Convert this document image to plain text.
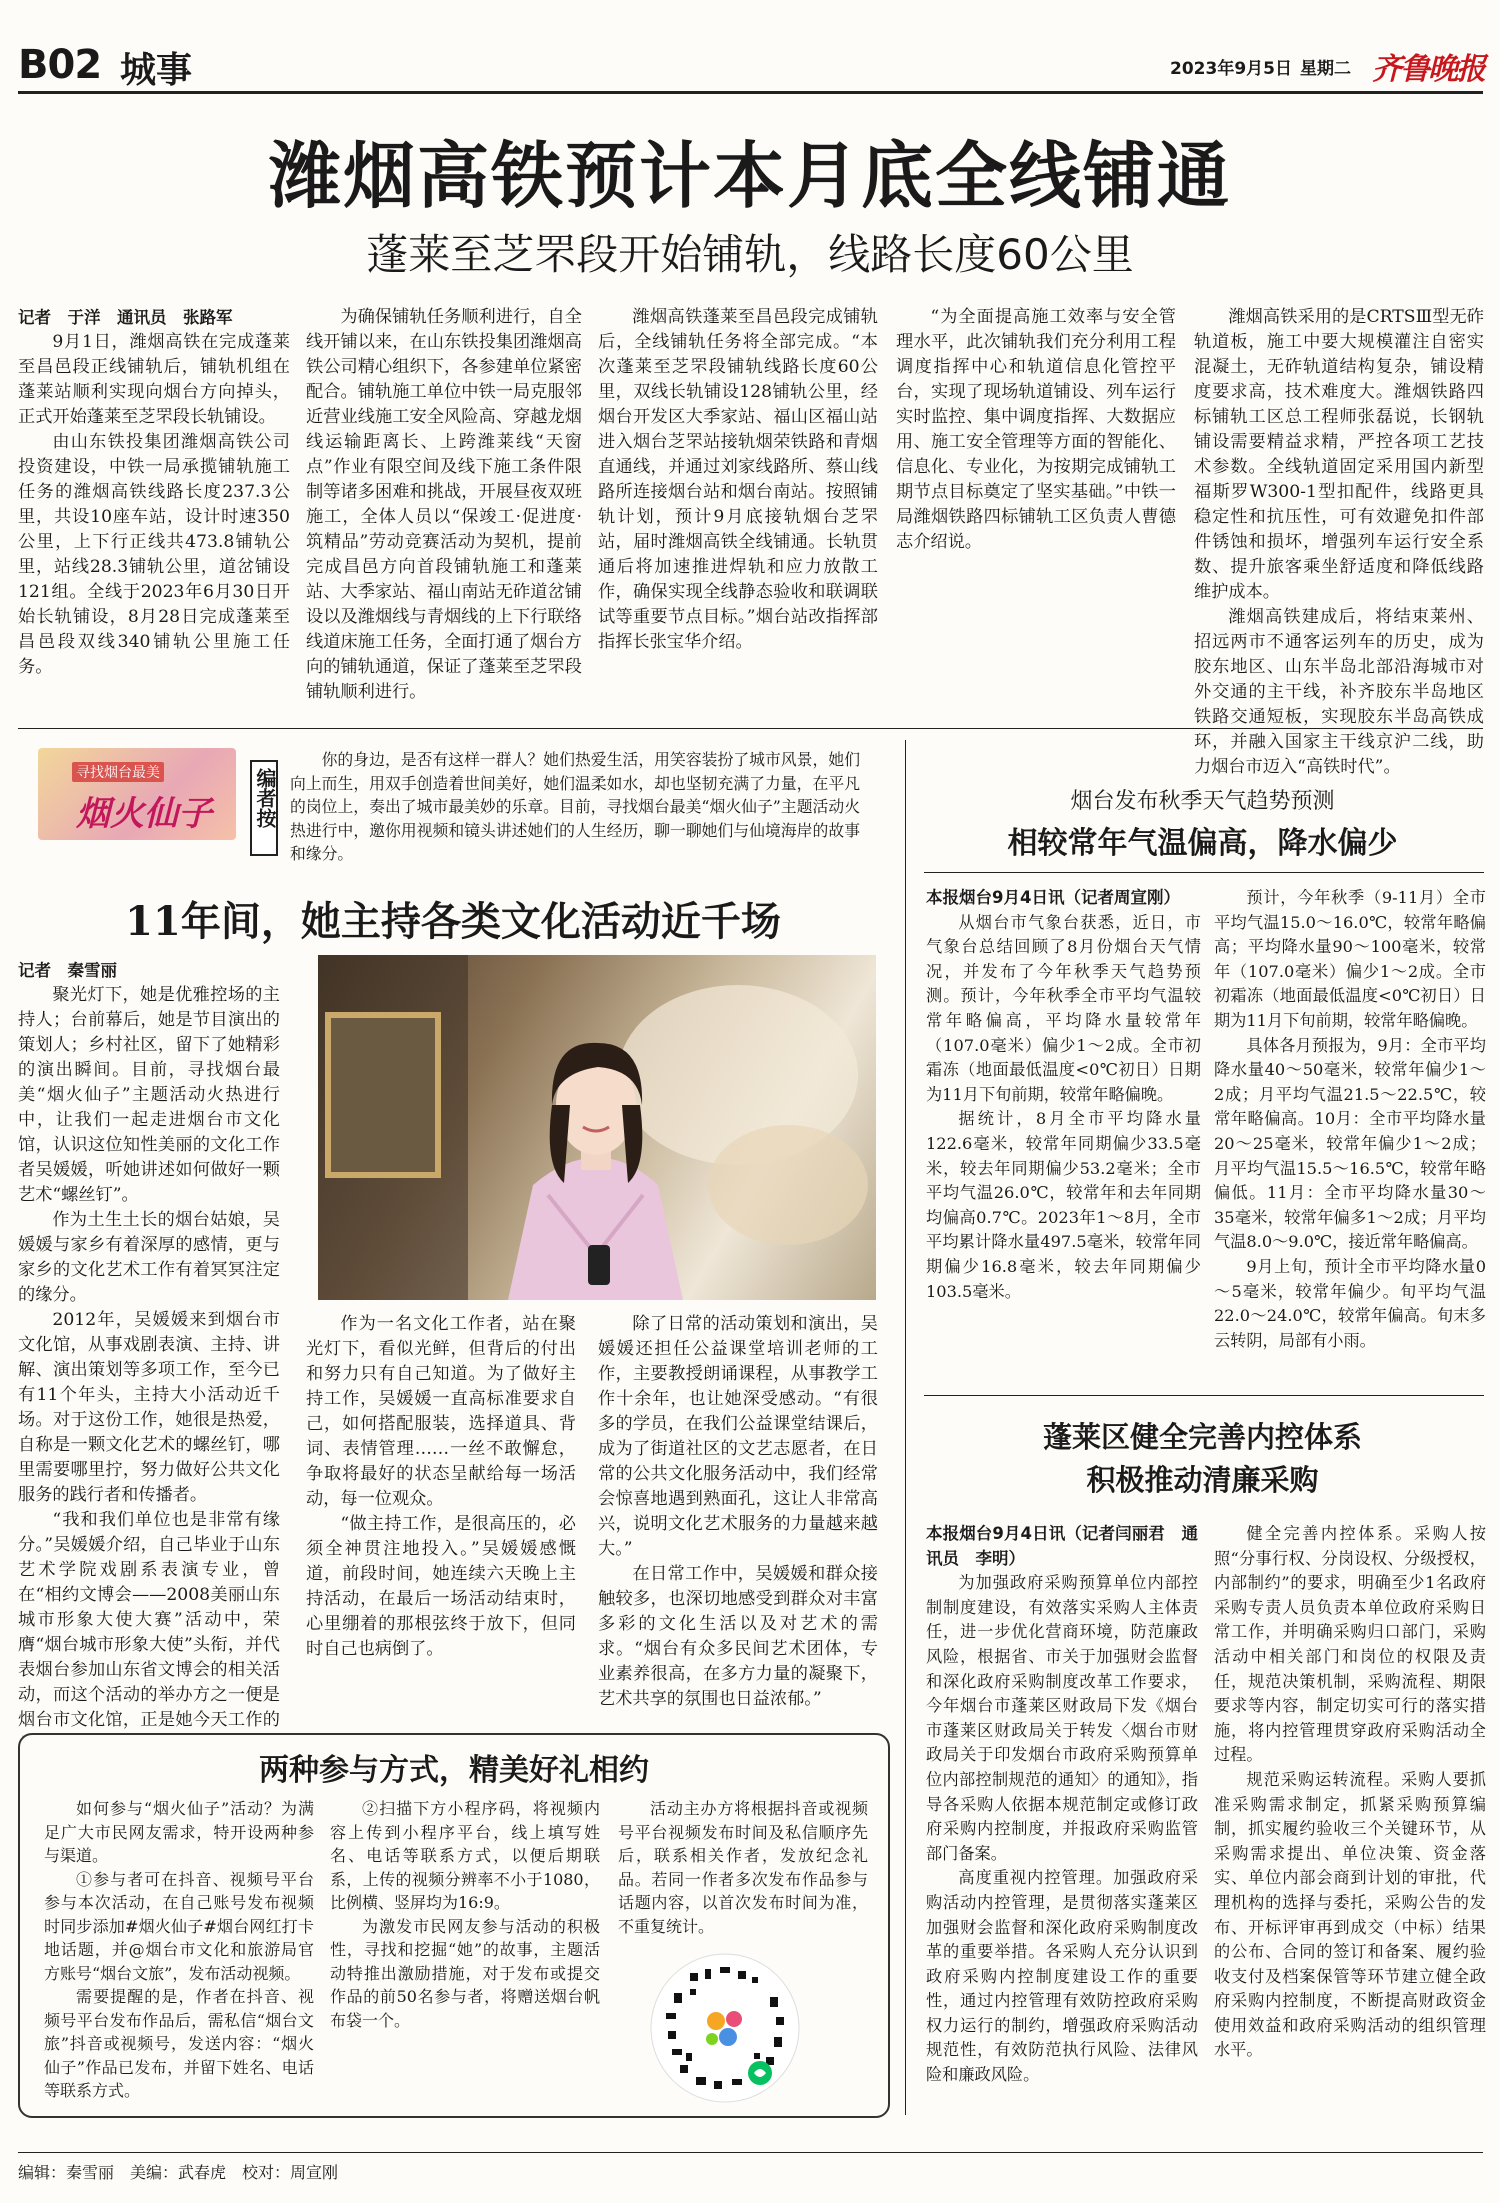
B02 城事	2023年9月5日 星期二 齐鲁晚报
潍烟高铁预计本月底全线铺通
蓬莱至芝罘段开始铺轨，线路长度60公里

记者　于洋　通讯员　张路军

9月1日，潍烟高铁在完成蓬莱至昌邑段正线铺轨后，铺轨机组在蓬莱站顺利实现向烟台方向掉头，正式开始蓬莱至芝罘段长轨铺设。

由山东铁投集团潍烟高铁公司投资建设，中铁一局承揽铺轨施工任务的潍烟高铁线路长度237.3公里，共设10座车站，设计时速350公里，上下行正线共473.8铺轨公里，站线28.3铺轨公里，道岔铺设121组。全线于2023年6月30日开始长轨铺设，8月28日完成蓬莱至昌邑段双线340铺轨公里施工任务。

为确保铺轨任务顺利进行，自全线开铺以来，在山东铁投集团潍烟高铁公司精心组织下，各参建单位紧密配合。铺轨施工单位中铁一局克服邻近营业线施工安全风险高、穿越龙烟线运输距离长、上跨潍莱线“天窗点”作业有限空间及线下施工条件限制等诸多困难和挑战，开展昼夜双班施工，全体人员以“保竣工·促进度·筑精品”劳动竞赛活动为契机，提前完成昌邑方向首段铺轨施工和蓬莱站、大季家站、福山南站无砟道岔铺设以及潍烟线与青烟线的上下行联络线道床施工任务，全面打通了烟台方向的铺轨通道，保证了蓬莱至芝罘段铺轨顺利进行。

潍烟高铁蓬莱至昌邑段完成铺轨后，全线铺轨任务将全部完成。“本次蓬莱至芝罘段铺轨线路长度60公里，双线长轨铺设128铺轨公里，经烟台开发区大季家站、福山区福山站进入烟台芝罘站接轨烟荣铁路和青烟直通线，并通过刘家线路所、蔡山线路所连接烟台站和烟台南站。按照铺轨计划，预计9月底接轨烟台芝罘站，届时潍烟高铁全线铺通。长轨贯通后将加速推进焊轨和应力放散工作，确保实现全线静态验收和联调联试等重要节点目标。”烟台站改指挥部指挥长张宝华介绍。

“为全面提高施工效率与安全管理水平，此次铺轨我们充分利用工程调度指挥中心和轨道信息化管控平台，实现了现场轨道铺设、列车运行实时监控、集中调度指挥、大数据应用、施工安全管理等方面的智能化、信息化、专业化，为按期完成铺轨工期节点目标奠定了坚实基础。”中铁一局潍烟铁路四标铺轨工区负责人曹德志介绍说。

潍烟高铁采用的是CRTSⅢ型无砟轨道板，施工中要大规模灌注自密实混凝土，无砟轨道结构复杂，铺设精度要求高，技术难度大。潍烟铁路四标铺轨工区总工程师张磊说，长钢轨铺设需要精益求精，严控各项工艺技术参数。全线轨道固定采用国内新型福斯罗W300-1型扣配件，线路更具稳定性和抗压性，可有效避免扣件部件锈蚀和损坏，增强列车运行安全系数、提升旅客乘坐舒适度和降低线路维护成本。

潍烟高铁建成后，将结束莱州、招远两市不通客运列车的历史，成为胶东地区、山东半岛北部沿海城市对外交通的主干线，补齐胶东半岛地区铁路交通短板，实现胶东半岛高铁成环，并融入国家主干线京沪二线，助力烟台市迈入“高铁时代”。

寻找烟台最美
烟火仙子 编者按

你的身边，是否有这样一群人？她们热爱生活，用笑容装扮了城市风景，她们向上而生，用双手创造着世间美好，她们温柔如水，却也坚韧充满了力量，在平凡的岗位上，奏出了城市最美妙的乐章。目前，寻找烟台最美“烟火仙子”主题活动火热进行中，邀你用视频和镜头讲述她们的人生经历，聊一聊她们与仙境海岸的故事和缘分。

11年间，她主持各类文化活动近千场

记者　秦雪丽

聚光灯下，她是优雅控场的主持人；台前幕后，她是节目演出的策划人；乡村社区，留下了她精彩的演出瞬间。目前，寻找烟台最美“烟火仙子”主题活动火热进行中，让我们一起走进烟台市文化馆，认识这位知性美丽的文化工作者吴媛媛，听她讲述如何做好一颗艺术“螺丝钉”。

作为土生土长的烟台姑娘，吴媛媛与家乡有着深厚的感情，更与家乡的文化艺术工作有着冥冥注定的缘分。

2012年，吴媛媛来到烟台市文化馆，从事戏剧表演、主持、讲解、演出策划等多项工作，至今已有11个年头，主持大小活动近千场。对于这份工作，她很是热爱，自称是一颗文化艺术的螺丝钉，哪里需要哪里拧，努力做好公共文化服务的践行者和传播者。

“我和我们单位也是非常有缘分。”吴媛媛介绍，自己毕业于山东艺术学院戏剧系表演专业，曾在“相约文博会——2008美丽山东城市形象大使大赛”活动中，荣膺“烟台城市形象大使”头衔，并代表烟台参加山东省文博会的相关活动，而这个活动的举办方之一便是烟台市文化馆，正是她今天工作的

作为一名文化工作者，站在聚光灯下，看似光鲜，但背后的付出和努力只有自己知道。为了做好主持工作，吴媛媛一直高标准要求自己，如何搭配服装，选择道具、背词、表情管理……一丝不敢懈怠，争取将最好的状态呈献给每一场活动，每一位观众。

“做主持工作，是很高压的，必须全神贯注地投入。”吴媛媛感慨道，前段时间，她连续六天晚上主持活动，在最后一场活动结束时，心里绷着的那根弦终于放下，但同时自己也病倒了。

除了日常的活动策划和演出，吴媛媛还担任公益课堂培训老师的工作，主要教授朗诵课程，从事教学工作十余年，也让她深受感动。“有很多的学员，在我们公益课堂结课后，成为了街道社区的文艺志愿者，在日常的公共文化服务活动中，我们经常会惊喜地遇到熟面孔，这让人非常高兴，说明文化艺术服务的力量越来越大。”

在日常工作中，吴媛媛和群众接触较多，也深切地感受到群众对丰富多彩的文化生活以及对艺术的需求。“烟台有众多民间艺术团体，专业素养很高，在多方力量的凝聚下，艺术共享的氛围也日益浓郁。”

烟台发布秋季天气趋势预测
相较常年气温偏高，降水偏少

本报烟台9月4日讯（记者周宣刚）

从烟台市气象台获悉，近日，市气象台总结回顾了8月份烟台天气情况，并发布了今年秋季天气趋势预测。预计，今年秋季全市平均气温较常年略偏高，平均降水量较常年（107.0毫米）偏少1～2成。全市初霜冻（地面最低温度<0℃初日）日期为11月下旬前期，较常年略偏晚。

据统计，8月全市平均降水量122.6毫米，较常年同期偏少33.5毫米，较去年同期偏少53.2毫米；全市平均气温26.0℃，较常年和去年同期均偏高0.7℃。2023年1～8月，全市平均累计降水量497.5毫米，较常年同期偏少16.8毫米，较去年同期偏少103.5毫米。

预计，今年秋季（9-11月）全市平均气温15.0～16.0℃，较常年略偏高；平均降水量90～100毫米，较常年（107.0毫米）偏少1～2成。全市初霜冻（地面最低温度<0℃初日）日期为11月下旬前期，较常年略偏晚。

具体各月预报为，9月：全市平均降水量40～50毫米，较常年偏少1～2成；月平均气温21.5～22.5℃，较常年略偏高。10月：全市平均降水量20～25毫米，较常年偏少1～2成；月平均气温15.5～16.5℃，较常年略偏低。11月：全市平均降水量30～35毫米，较常年偏多1～2成；月平均气温8.0～9.0℃，接近常年略偏高。

9月上旬，预计全市平均降水量0～5毫米，较常年偏少。旬平均气温22.0～24.0℃，较常年偏高。旬末多云转阴，局部有小雨。

蓬莱区健全完善内控体系
积极推动清廉采购

本报烟台9月4日讯（记者闫丽君　通讯员　李明）

为加强政府采购预算单位内部控制制度建设，有效落实采购人主体责任，进一步优化营商环境，防范廉政风险，根据省、市关于加强财会监督和深化政府采购制度改革工作要求，今年烟台市蓬莱区财政局下发《烟台市蓬莱区财政局关于转发〈烟台市财政局关于印发烟台市政府采购预算单位内部控制规范的通知〉的通知》，指导各采购人依据本规范制定或修订政府采购内控制度，并报政府采购监管部门备案。

高度重视内控管理。加强政府采购活动内控管理，是贯彻落实蓬莱区加强财会监督和深化政府采购制度改革的重要举措。各采购人充分认识到政府采购内控制度建设工作的重要性，通过内控管理有效防控政府采购权力运行的制约，增强政府采购活动规范性，有效防范执行风险、法律风险和廉政风险。

健全完善内控体系。采购人按照“分事行权、分岗设权、分级授权，内部制约”的要求，明确至少1名政府采购专责人员负责本单位政府采购日常工作，并明确采购归口部门，采购活动中相关部门和岗位的权限及责任，规范决策机制，采购流程、期限要求等内容，制定切实可行的落实措施，将内控管理贯穿政府采购活动全过程。

规范采购运转流程。采购人要抓准采购需求制定，抓紧采购预算编制，抓实履约验收三个关键环节，从采购需求提出、单位决策、资金落实、单位内部会商到计划的审批，代理机构的选择与委托，采购公告的发布、开标评审再到成交（中标）结果的公布、合同的签订和备案、履约验收支付及档案保管等环节建立健全政府采购内控制度，不断提高财政资金使用效益和政府采购活动的组织管理水平。

两种参与方式，精美好礼相约

如何参与“烟火仙子”活动？为满足广大市民网友需求，特开设两种参与渠道。

①参与者可在抖音、视频号平台参与本次活动，在自己账号发布视频时同步添加#烟火仙子#烟台网红打卡地话题，并@烟台市文化和旅游局官方账号“烟台文旅”，发布活动视频。

需要提醒的是，作者在抖音、视频号平台发布作品后，需私信“烟台文旅”抖音或视频号，发送内容：“烟火仙子”作品已发布，并留下姓名、电话等联系方式。

②扫描下方小程序码，将视频内容上传到小程序平台，线上填写姓名、电话等联系方式，以便后期联系，上传的视频分辨率不小于1080，比例横、竖屏均为16:9。

为激发市民网友参与活动的积极性，寻找和挖掘“她”的故事，主题活动特推出激励措施，对于发布或提交作品的前50名参与者，将赠送烟台帆布袋一个。

活动主办方将根据抖音或视频号平台视频发布时间及私信顺序先后，联系相关作者，发放纪念礼品。若同一作者多次发布作品参与话题内容，以首次发布时间为准，不重复统计。

编辑：秦雪丽　美编：武春虎　校对：周宣刚
